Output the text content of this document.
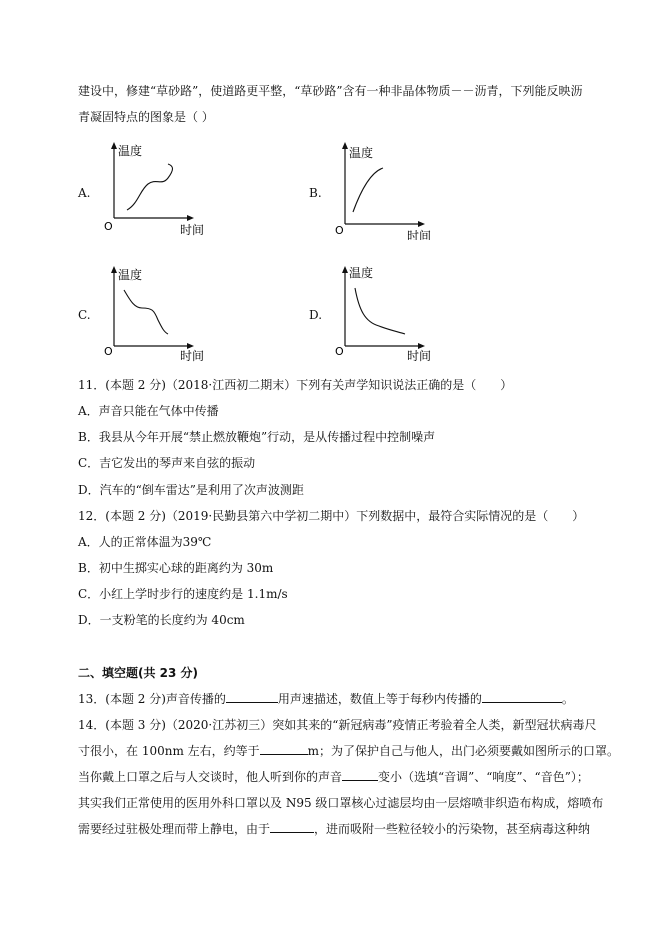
建设中，修建“草砂路”，使道路更平整，“草砂路”含有一种非晶体物质－－沥青，下列能反映沥
青凝固特点的图象是（ ）
A.	B.
C.	D.
温度
时间
O
温度
时间
O
温度
时间
O
温度
时间
O
11．(本题 2 分)（2018·江西初二期末）下列有关声学知识说法正确的是（　　）
A．声音只能在气体中传播
B．我县从今年开展“禁止燃放鞭炮”行动，是从传播过程中控制噪声
C．吉它发出的琴声来自弦的振动
D．汽车的“倒车雷达”是利用了次声波测距
12．(本题 2 分)（2019·民勤县第六中学初二期中）下列数据中，最符合实际情况的是（　　）
A．人的正常体温为39℃
B．初中生掷实心球的距离约为 30m
C．小红上学时步行的速度约是 1.1m/s
D．一支粉笔的长度约为 40cm
二、填空题(共 23 分)
13．(本题 2 分)声音传播的	用声速描述，数值上等于每秒内传播的	。
14．(本题 3 分)（2020·江苏初三）突如其来的“新冠病毒”疫情正考验着全人类，新型冠状病毒尺
寸很小，在 100nm 左右，约等于	m；为了保护自己与他人，出门必须要戴如图所示的口罩。
当你戴上口罩之后与人交谈时，他人听到你的声音	变小（选填“音调”、“响度”、“音色”）；
其实我们正常使用的医用外科口罩以及 N95 级口罩核心过滤层均由一层熔喷非织造布构成，熔喷布
需要经过驻极处理而带上静电，由于	，进而吸附一些粒径较小的污染物，甚至病毒这种纳
